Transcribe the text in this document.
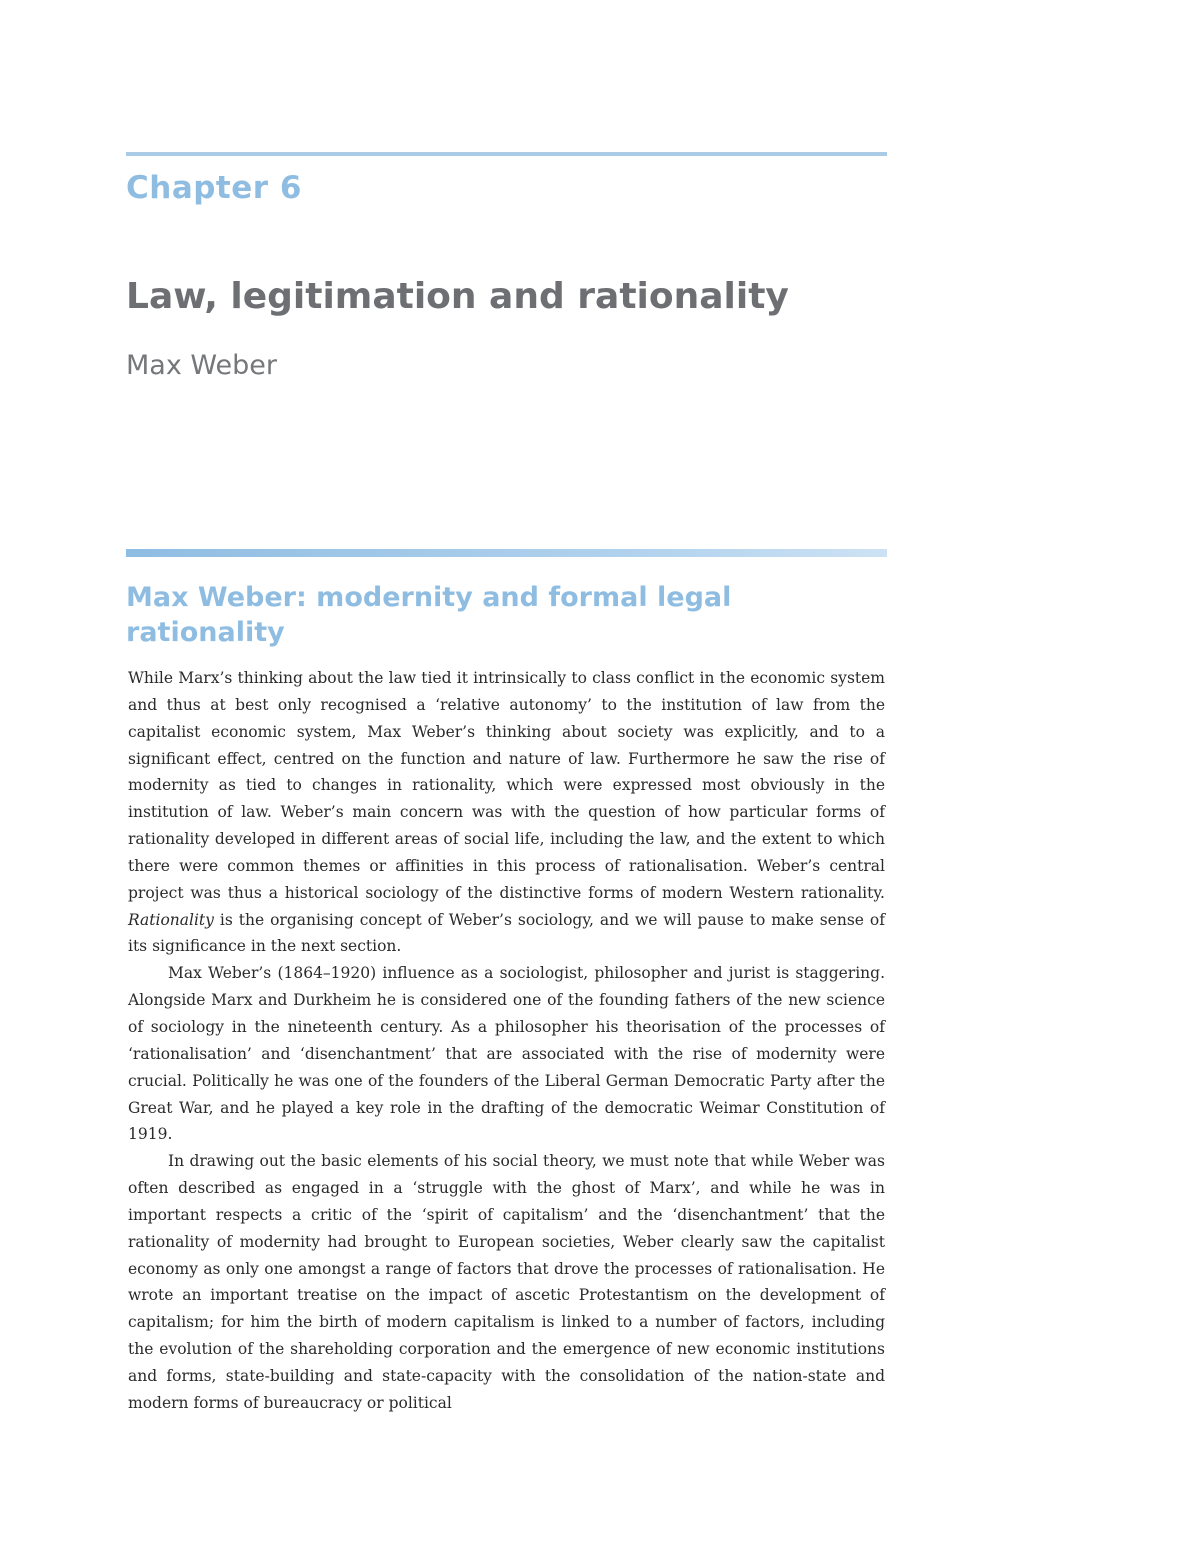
Chapter 6
Law, legitimation and rationality
Max Weber
Max Weber: modernity and formal legal
rationality

While Marx’s thinking about the law tied it intrinsically to class conflict in the economic system and thus at best only recognised a ‘relative autonomy’ to the institution of law from the capitalist economic system, Max Weber’s thinking about society was explicitly, and to a significant effect, centred on the function and nature of law. Furthermore he saw the rise of modernity as tied to changes in rationality, which were expressed most obviously in the institution of law. Weber’s main concern was with the question of how particular forms of rationality developed in different areas of social life, including the law, and the extent to which there were common themes or affinities in this process of rationalisation. Weber’s central project was thus a historical sociology of the distinctive forms of modern Western rationality. Rationality is the organising concept of Weber’s sociology, and we will pause to make sense of its significance in the next section.

Max Weber’s (1864–1920) influence as a sociologist, philosopher and jurist is staggering. Alongside Marx and Durkheim he is considered one of the founding fathers of the new science of sociology in the nineteenth century. As a philosopher his theorisation of the processes of ‘rationalisation’ and ‘disenchantment’ that are associated with the rise of modernity were crucial. Politically he was one of the founders of the Liberal German Democratic Party after the Great War, and he played a key role in the drafting of the democratic Weimar Constitution of 1919.

In drawing out the basic elements of his social theory, we must note that while Weber was often described as engaged in a ‘struggle with the ghost of Marx’, and while he was in important respects a critic of the ‘spirit of capitalism’ and the ‘disenchantment’ that the rationality of modernity had brought to European societies, Weber clearly saw the capitalist economy as only one amongst a range of factors that drove the processes of rationalisation. He wrote an important treatise on the impact of ascetic Protestantism on the development of capitalism; for him the birth of modern capitalism is linked to a number of factors, including the evolution of the shareholding corporation and the emergence of new economic institutions and forms, state-building and state-capacity with the consolidation of the nation-state and modern forms of bureaucracy or political
